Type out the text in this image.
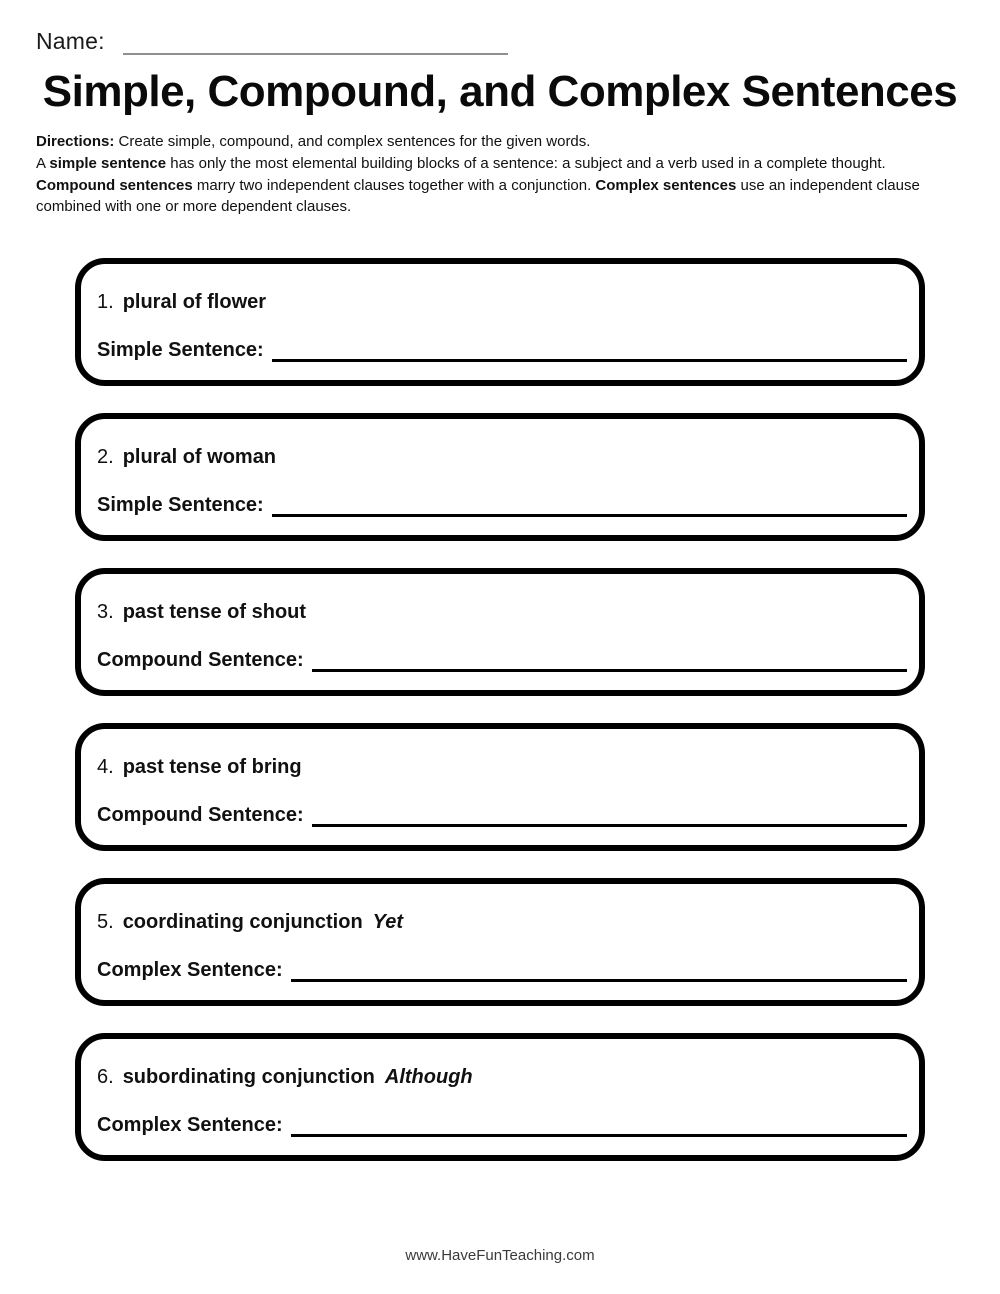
Name:
Simple, Compound, and Complex Sentences

Directions: Create simple, compound, and complex sentences for the given words.

A simple sentence has only the most elemental building blocks of a sentence: a subject and a verb used in a complete thought. Compound sentences marry two independent clauses together with a conjunction. Complex sentences use an independent clause combined with one or more dependent clauses.

1. plural of flower
Simple Sentence:
2. plural of woman
Simple Sentence:
3. past tense of shout
Compound Sentence:
4. past tense of bring
Compound Sentence:
5. coordinating conjunction Yet
Complex Sentence:
6. subordinating conjunction Although
Complex Sentence:
www.HaveFunTeaching.com
